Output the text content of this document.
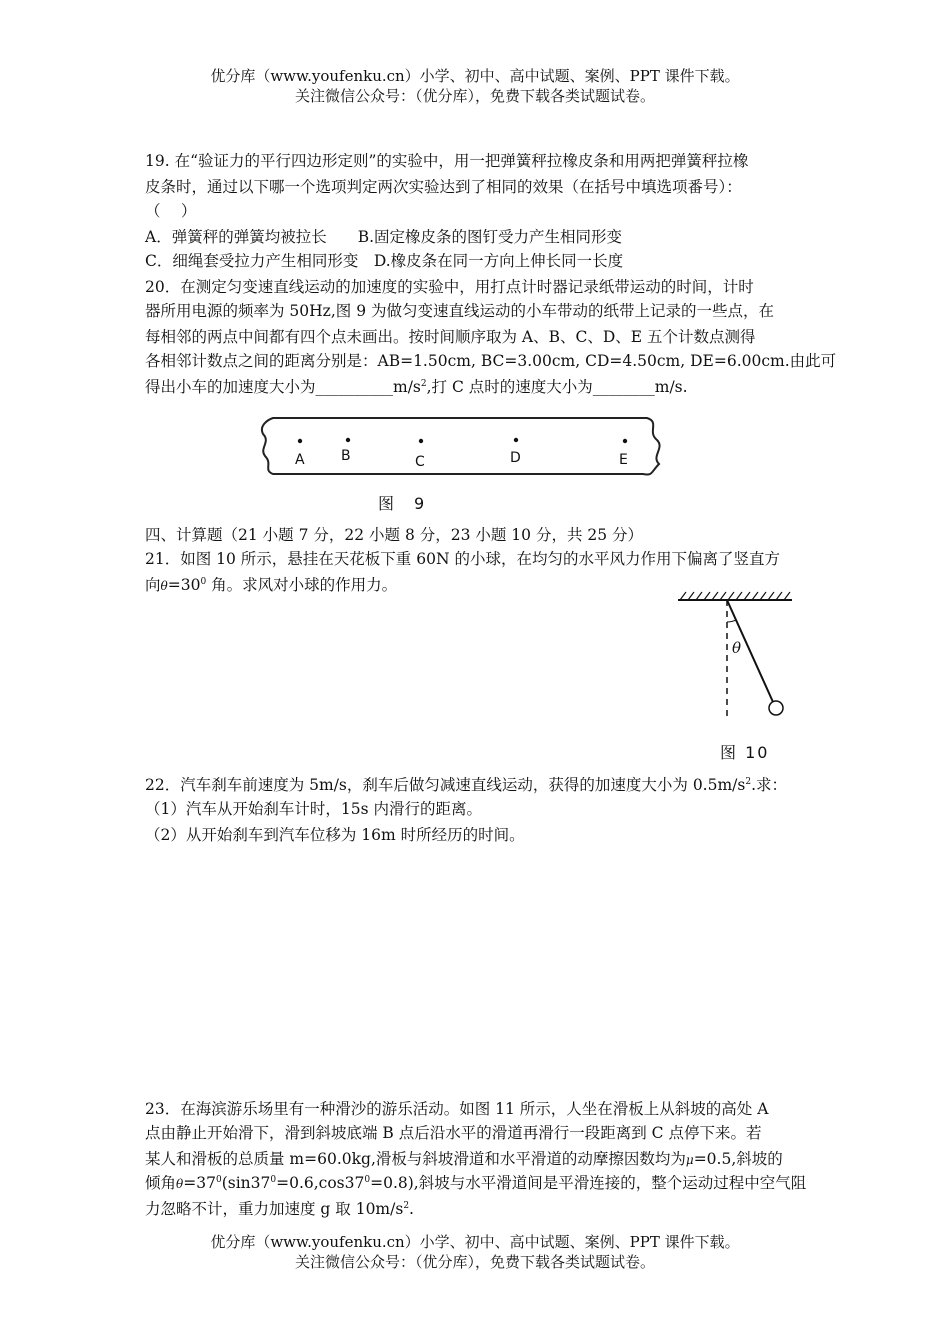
优分库（www.youfenku.cn）小学、初中、高中试题、案例、PPT 课件下载。
关注微信公众号：（优分库），免费下载各类试题试卷。
19. 在“验证力的平行四边形定则”的实验中，用一把弹簧秤拉橡皮条和用两把弹簧秤拉橡
皮条时，通过以下哪一个选项判定两次实验达到了相同的效果（在括号中填选项番号）：
（　 ）
A．弹簧秤的弹簧均被拉长　　B.固定橡皮条的图钉受力产生相同形变
C．细绳套受拉力产生相同形变　D.橡皮条在同一方向上伸长同一长度
20．在测定匀变速直线运动的加速度的实验中，用打点计时器记录纸带运动的时间，计时
器所用电源的频率为 50Hz,图 9 为做匀变速直线运动的小车带动的纸带上记录的一些点，在
每相邻的两点中间都有四个点未画出。按时间顺序取为 A、B、C、D、E 五个计数点测得
各相邻计数点之间的距离分别是：AB=1.50cm, BC=3.00cm, CD=4.50cm, DE=6.00cm.由此可
得出小车的加速度大小为$\_\_\_\_\_\_\_\_\_\_m/s^2$,打 C 点时的速度大小为________m/s.
A	B	C	D	E
图　9
四、计算题（21 小题 7 分，22 小题 8 分，23 小题 10 分，共 25 分）
21．如图 10 所示，悬挂在天花板下重 60N 的小球，在均匀的水平风力作用下偏离了竖直方
向$\theta=30^0$ 角。求风对小球的作用力。
θ
图 10
22．汽车刹车前速度为 5m/s，刹车后做匀减速直线运动，获得的加速度大小为 $0.5m/s^2$.求：
（1）汽车从开始刹车计时，15s 内滑行的距离。
（2）从开始刹车到汽车位移为 16m 时所经历的时间。
23．在海滨游乐场里有一种滑沙的游乐活动。如图 11 所示，人坐在滑板上从斜坡的高处 A
点由静止开始滑下，滑到斜坡底端 B 点后沿水平的滑道再滑行一段距离到 C 点停下来。若
某人和滑板的总质量 m=60.0kg,滑板与斜坡滑道和水平滑道的动摩擦因数均为μ=0.5,斜坡的
倾角$\theta=37^0(\sin 37^0=0.6,\cos 37^0=0.8)$,斜坡与水平滑道间是平滑连接的，整个运动过程中空气阻
力忽略不计，重力加速度 g 取 $10m/s^2$.
优分库（www.youfenku.cn）小学、初中、高中试题、案例、PPT 课件下载。
关注微信公众号：（优分库），免费下载各类试题试卷。
